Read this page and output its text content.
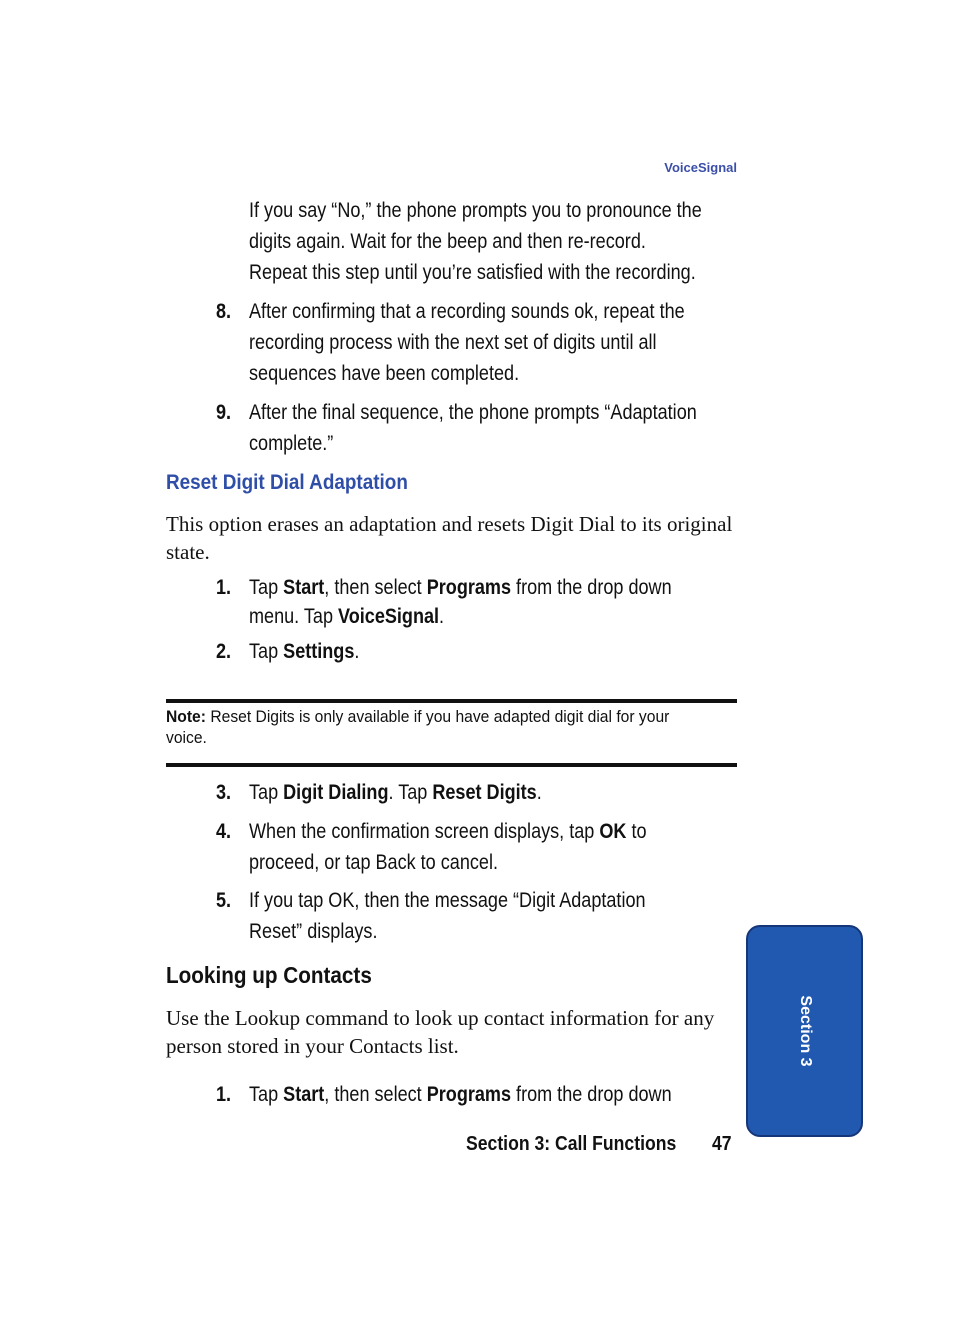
VoiceSignal
If you say “No,” the phone prompts you to pronounce the
digits again. Wait for the beep and then re-record.
Repeat this step until you’re satisfied with the recording.
8. After confirming that a recording sounds ok, repeat the
recording process with the next set of digits until all
sequences have been completed.
9. After the final sequence, the phone prompts “Adaptation
complete.”
Reset Digit Dial Adaptation
This option erases an adaptation and resets Digit Dial to its original state.
1. Tap Start, then select Programs from the drop down
menu. Tap VoiceSignal.
2. Tap Settings.
Note: Reset Digits is only available if you have adapted digit dial for your
voice.
3. Tap Digit Dialing. Tap Reset Digits.
4. When the confirmation screen displays, tap OK to
proceed, or tap Back to cancel.
5. If you tap OK, then the message “Digit Adaptation
Reset” displays.
Looking up Contacts
Use the Lookup command to look up contact information for any person stored in your Contacts list.
1. Tap Start, then select Programs from the drop down
Section 3
Section 3: Call Functions 47
